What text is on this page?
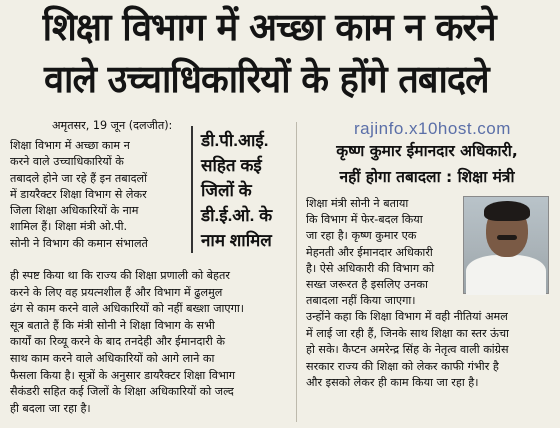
शिक्षा विभाग में अच्छा काम न करने
वाले उच्चाधिकारियों के होंगे तबादले
अमृतसर, 19 जून (दलजीत):
शिक्षा विभाग में अच्छा काम न
करने वाले उच्चाधिकारियों के
तबादले होने जा रहे हैं इन तबादलों
में डायरैक्टर शिक्षा विभाग से लेकर
जिला शिक्षा अधिकारियों के नाम
शामिल हैं। शिक्षा मंत्री ओ.पी.
सोनी ने विभाग की कमान संभालते
डी.पी.आई.
सहित कई
जिलों के
डी.ई.ओ. के
नाम शामिल
ही स्पष्ट किया था कि राज्य की शिक्षा प्रणाली को बेहतर
करने के लिए वह प्रयत्नशील हैं और विभाग में ढुलमुल
ढंग से काम करने वाले अधिकारियों को नहीं बख्शा जाएगा।
सूत्र बताते हैं कि मंत्री सोनी ने शिक्षा विभाग के सभी
कार्यों का रिव्यू करने के बाद तनदेही और ईमानदारी के
साथ काम करने वाले अधिकारियों को आगे लाने का
फैसला किया है। सूत्रों के अनुसार डायरैक्टर शिक्षा विभाग
सैकंडरी सहित कई जिलों के शिक्षा अधिकारियों को जल्द
ही बदला जा रहा है।
rajinfo.x10host.com
कृष्ण कुमार ईमानदार अधिकारी,
नहीं होगा तबादला : शिक्षा मंत्री
शिक्षा मंत्री सोनी ने बताया
कि विभाग में फेर-बदल किया
जा रहा है। कृष्ण कुमार एक
मेहनती और ईमानदार अधिकारी
है। ऐसे अधिकारी की विभाग को
सख्त जरूरत है इसलिए उनका
तबादला नहीं किया जाएगा।
उन्होंने कहा कि शिक्षा विभाग में वही नीतियां अमल
में लाई जा रही हैं, जिनके साथ शिक्षा का स्तर ऊंचा
हो सके। कैप्टन अमरेन्द्र सिंह के नेतृत्व वाली कांग्रेस
सरकार राज्य की शिक्षा को लेकर काफी गंभीर है
और इसको लेकर ही काम किया जा रहा है।
